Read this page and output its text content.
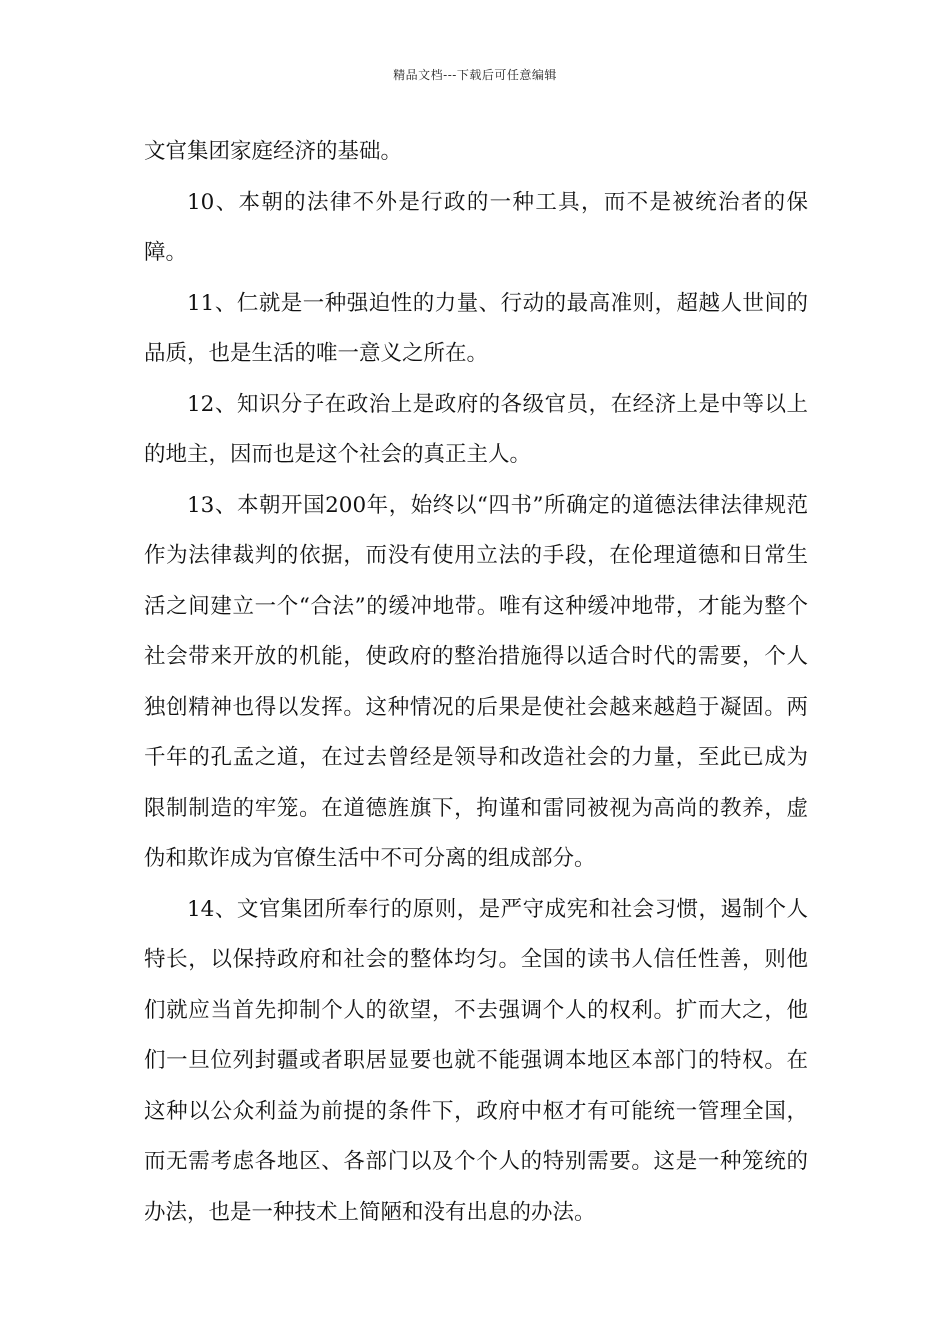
精品文档---下载后可任意编辑

文官集团家庭经济的基础。

10、本朝的法律不外是行政的一种工具，而不是被统治者的保障。

11、仁就是一种强迫性的力量、行动的最高准则，超越人世间的品质，也是生活的唯一意义之所在。

12、知识分子在政治上是政府的各级官员，在经济上是中等以上的地主，因而也是这个社会的真正主人。

13、本朝开国200年，始终以“四书”所确定的道德法律法律规范作为法律裁判的依据，而没有使用立法的手段，在伦理道德和日常生活之间建立一个“合法”的缓冲地带。唯有这种缓冲地带，才能为整个社会带来开放的机能，使政府的整治措施得以适合时代的需要，个人独创精神也得以发挥。这种情况的后果是使社会越来越趋于凝固。两千年的孔孟之道，在过去曾经是领导和改造社会的力量，至此已成为限制制造的牢笼。在道德旌旗下，拘谨和雷同被视为高尚的教养，虚伪和欺诈成为官僚生活中不可分离的组成部分。

14、文官集团所奉行的原则，是严守成宪和社会习惯，遏制个人特长，以保持政府和社会的整体均匀。全国的读书人信任性善，则他们就应当首先抑制个人的欲望，不去强调个人的权利。扩而大之，他们一旦位列封疆或者职居显要也就不能强调本地区本部门的特权。在这种以公众利益为前提的条件下，政府中枢才有可能统一管理全国，而无需考虑各地区、各部门以及个个人的特别需要。这是一种笼统的办法，也是一种技术上简陋和没有出息的办法。
